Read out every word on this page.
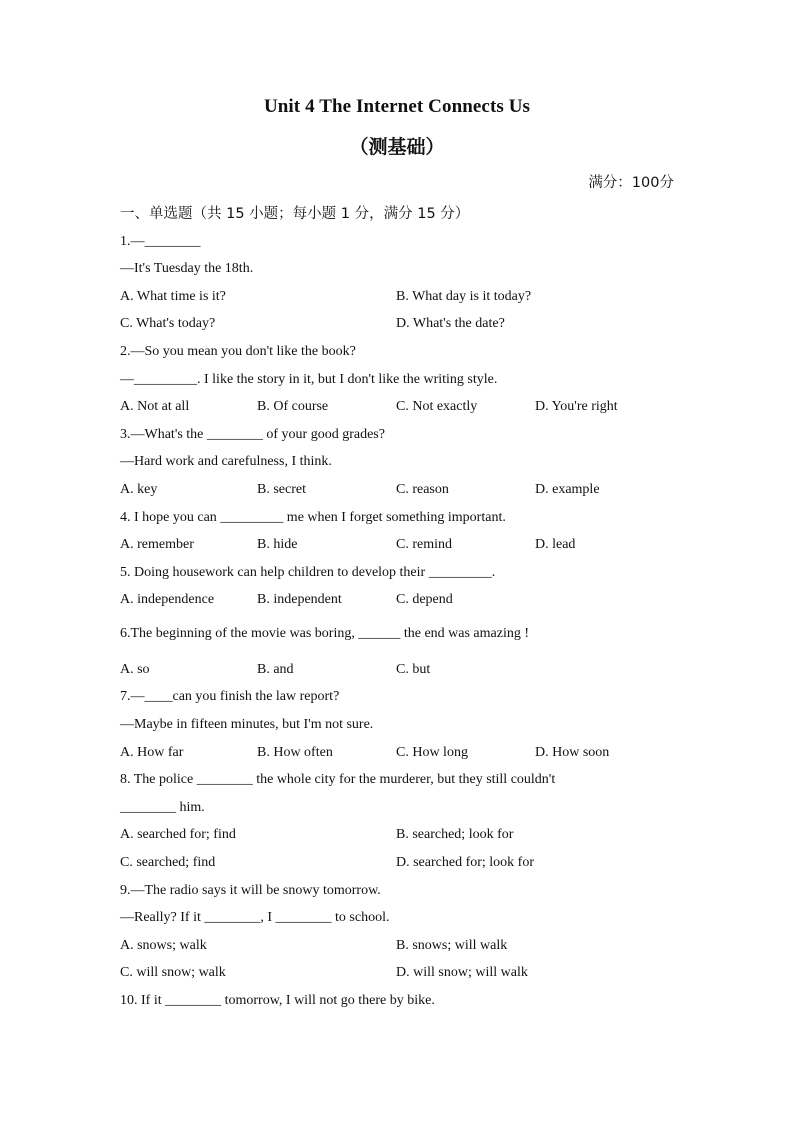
Unit 4 The Internet Connects Us
（测基础）
满分：100分
一、单选题（共 15 小题；每小题 1 分，满分 15 分）
1.—________
—It's Tuesday the 18th.
A. What time is it?	B. What day is it today?
C. What's today?	D. What's the date?
2.—So you mean you don't like the book?
—_________. I like the story in it, but I don't like the writing style.
A. Not at all	B. Of course	C. Not exactly	D. You're right
3.—What's the ________ of your good grades?
—Hard work and carefulness, I think.
A. key	B. secret	C. reason	D. example
4. I hope you can _________ me when I forget something important.
A. remember	B. hide	C. remind	D. lead
5. Doing housework can help children to develop their _________.
A. independence	B. independent	C. depend
6.The beginning of the movie was boring, ______ the end was amazing !
A. so	B. and	C. but
7.—____can you finish the law report?
—Maybe in fifteen minutes, but I'm not sure.
A. How far	B. How often	C. How long	D. How soon
8. The police ________ the whole city for the murderer, but they still couldn't
________ him.
A. searched for; find	B. searched; look for
C. searched; find	D. searched for; look for
9.—The radio says it will be snowy tomorrow.
—Really? If it ________, I ________ to school.
A. snows; walk	B. snows; will walk
C. will snow; walk	D. will snow; will walk
10. If it ________ tomorrow, I will not go there by bike.
